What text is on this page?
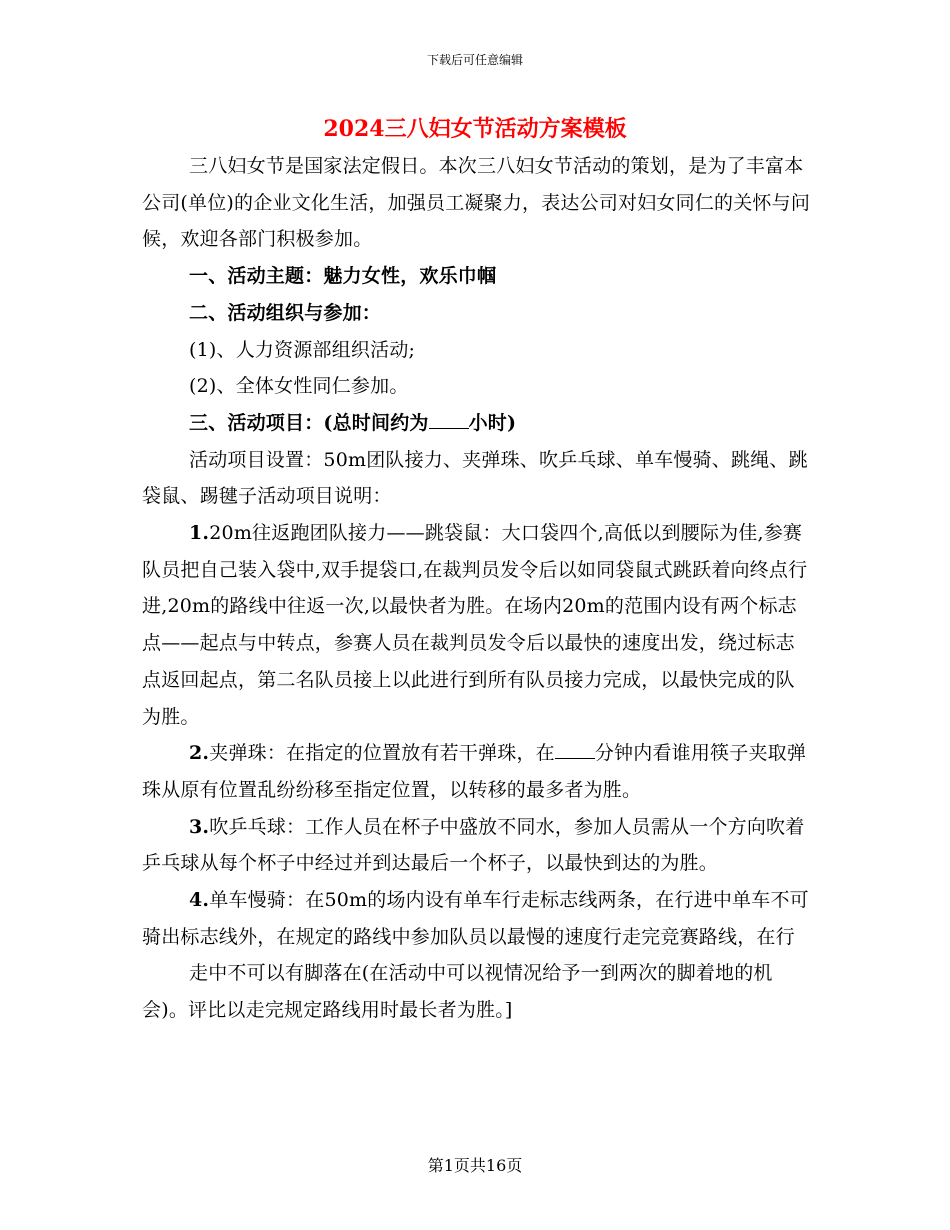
下载后可任意编辑
2024三八妇女节活动方案模板

三八妇女节是国家法定假日。本次三八妇女节活动的策划，是为了丰富本公司(单位)的企业文化生活，加强员工凝聚力，表达公司对妇女同仁的关怀与问候，欢迎各部门积极参加。

一、活动主题：魅力女性，欢乐巾帼

二、活动组织与参加：

(1)、人力资源部组织活动;

(2)、全体女性同仁参加。

三、活动项目：(总时间约为 小时)

活动项目设置：50m团队接力、夹弹珠、吹乒乓球、单车慢骑、跳绳、跳袋鼠、踢毽子活动项目说明：

1.20m往返跑团队接力——跳袋鼠：大口袋四个,高低以到腰际为佳,参赛队员把自己装入袋中,双手提袋口,在裁判员发令后以如同袋鼠式跳跃着向终点行进,20m的路线中往返一次,以最快者为胜。在场内20m的范围内设有两个标志点——起点与中转点，参赛人员在裁判员发令后以最快的速度出发，绕过标志点返回起点，第二名队员接上以此进行到所有队员接力完成，以最快完成的队为胜。

2.夹弹珠：在指定的位置放有若干弹珠，在 分钟内看谁用筷子夹取弹珠从原有位置乱纷纷移至指定位置，以转移的最多者为胜。

3.吹乒乓球：工作人员在杯子中盛放不同水，参加人员需从一个方向吹着乒乓球从每个杯子中经过并到达最后一个杯子，以最快到达的为胜。

4.单车慢骑：在50m的场内设有单车行走标志线两条，在行进中单车不可骑出标志线外，在规定的路线中参加队员以最慢的速度行走完竞赛路线，在行

走中不可以有脚落在(在活动中可以视情况给予一到两次的脚着地的机会)。评比以走完规定路线用时最长者为胜。]

第1页共16页
